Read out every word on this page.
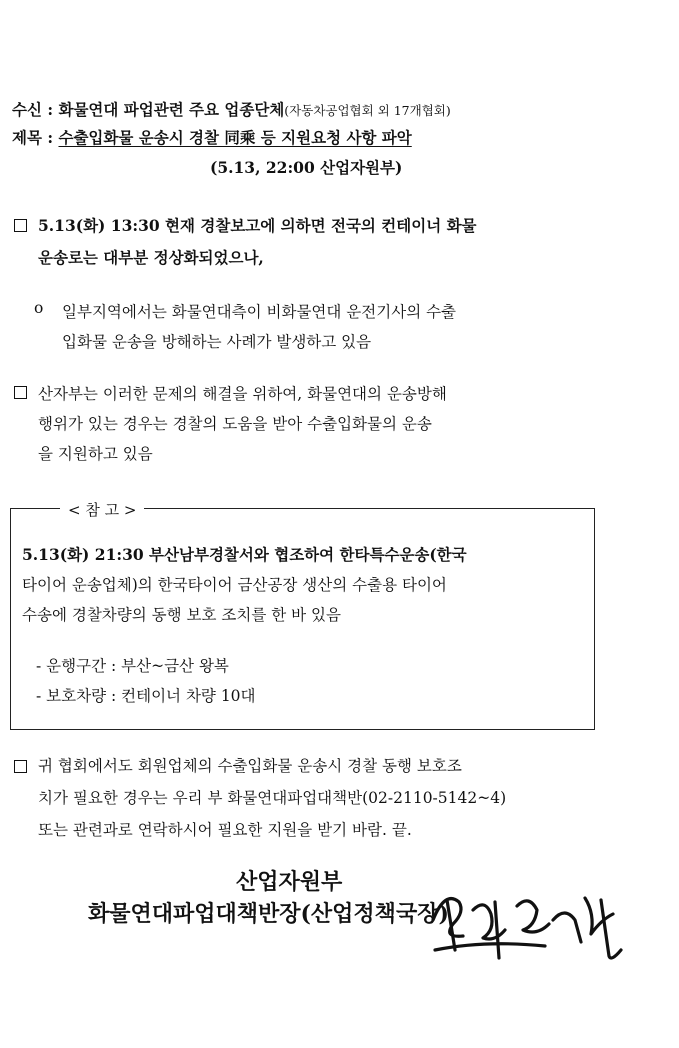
수신 : 화물연대 파업관련 주요 업종단체(자동차공업협회 외 17개협회)
제목 : 수출입화물 운송시 경찰 同乘 등 지원요청 사항 파악
(5.13, 22:00 산업자원부)
5.13(화) 13:30 현재 경찰보고에 의하면 전국의 컨테이너 화물
운송로는 대부분 정상화되었으나,
o 일부지역에서는 화물연대측이 비화물연대 운전기사의 수출
입화물 운송을 방해하는 사례가 발생하고 있음
산자부는 이러한 문제의 해결을 위하여, 화물연대의 운송방해
행위가 있는 경우는 경찰의 도움을 받아 수출입화물의 운송
을 지원하고 있음
< 참 고 >
5.13(화) 21:30 부산남부경찰서와 협조하여 한타특수운송(한국
타이어 운송업체)의 한국타이어 금산공장 생산의 수출용 타이어
수송에 경찰차량의 동행 보호 조치를 한 바 있음
- 운행구간 : 부산~금산 왕복
- 보호차량 : 컨테이너 차량 10대
귀 협회에서도 회원업체의 수출입화물 운송시 경찰 동행 보호조
치가 필요한 경우는 우리 부 화물연대파업대책반(02-2110-5142~4)
또는 관련과로 연락하시어 필요한 지원을 받기 바람. 끝.
산업자원부
화물연대파업대책반장(산업정책국장)
